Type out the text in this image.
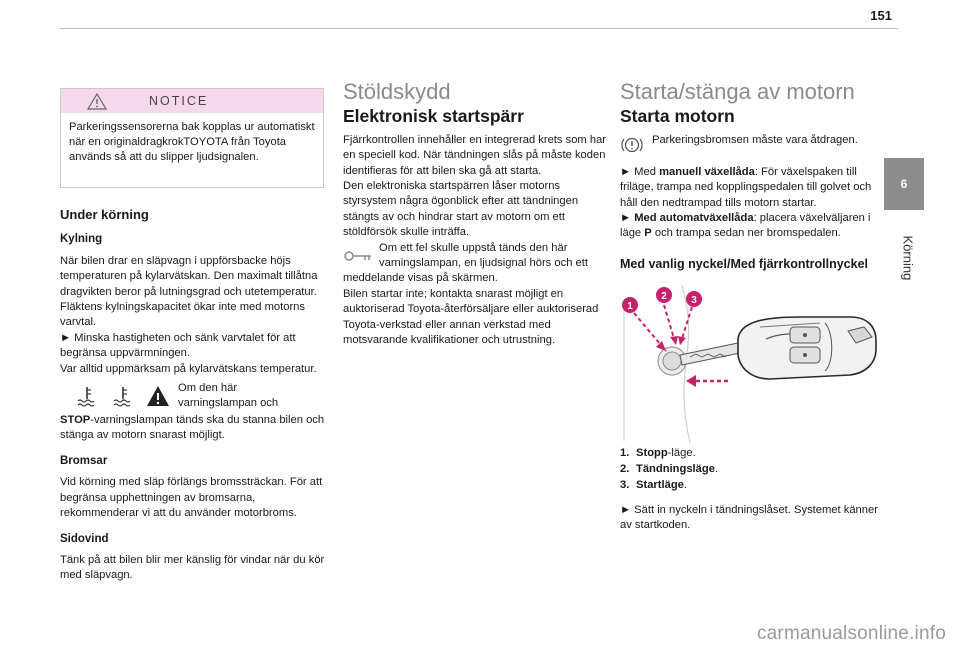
151
6
Körning
NOTICE
Parkeringssensorerna bak kopplas ur automatiskt när en originaldragkrokTOYOTA från Toyota används så att du slipper ljudsignalen.
Under körning
Kylning

När bilen drar en släpvagn i uppförsbacke höjs temperaturen på kylarvätskan. Den maximalt tillåtna dragvikten beror på lutningsgrad och utetemperatur. Fläktens kylningskapacitet ökar inte med motorns varvtal.

► Minska hastigheten och sänk varvtalet för att begränsa uppvärmningen.

Var alltid uppmärksam på kylarvätskans temperatur.

Om den här
varningslampan och

STOP-varningslampan tänds ska du stanna bilen och stänga av motorn snarast möjligt.

Bromsar

Vid körning med släp förlängs bromssträckan. För att begränsa upphettningen av bromsarna, rekommenderar vi att du använder motorbroms.

Sidovind

Tänk på att bilen blir mer känslig för vindar när du kör med släpvagn.

Stöldskydd
Elektronisk startspärr

Fjärrkontrollen innehåller en integrerad krets som har en speciell kod. När tändningen slås på måste koden identifieras för att bilen ska gå att starta.

Den elektroniska startspärren låser motorns styrsystem några ögonblick efter att tändningen stängts av och hindrar start av motorn om ett stöldförsök skulle inträffa.

Om ett fel skulle uppstå tänds den här

varningslampan, en ljudsignal hörs och ett meddelande visas på skärmen.

Bilen startar inte; kontakta snarast möjligt en auktoriserad Toyota-återförsäljare eller auktoriserad Toyota-verkstad eller annan verkstad med motsvarande kvalifikationer och utrustning.

Starta/stänga av motorn
Starta motorn
Parkeringsbromsen måste vara åtdragen.

► Med manuell växellåda: För växelspaken till friläge, trampa ned kopplingspedalen till golvet och håll den nedtrampad tills motorn startar.

► Med automatväxellåda: placera växelväljaren i läge P och trampa sedan ner bromspedalen.

Med vanlig nyckel/Med fjärrkontrollnyckel
1
2 3
1. Stopp-läge.
2. Tändningsläge.
3. Startläge.

► Sätt in nyckeln i tändningslåset. Systemet känner av startkoden.

carmanualsonline.info
